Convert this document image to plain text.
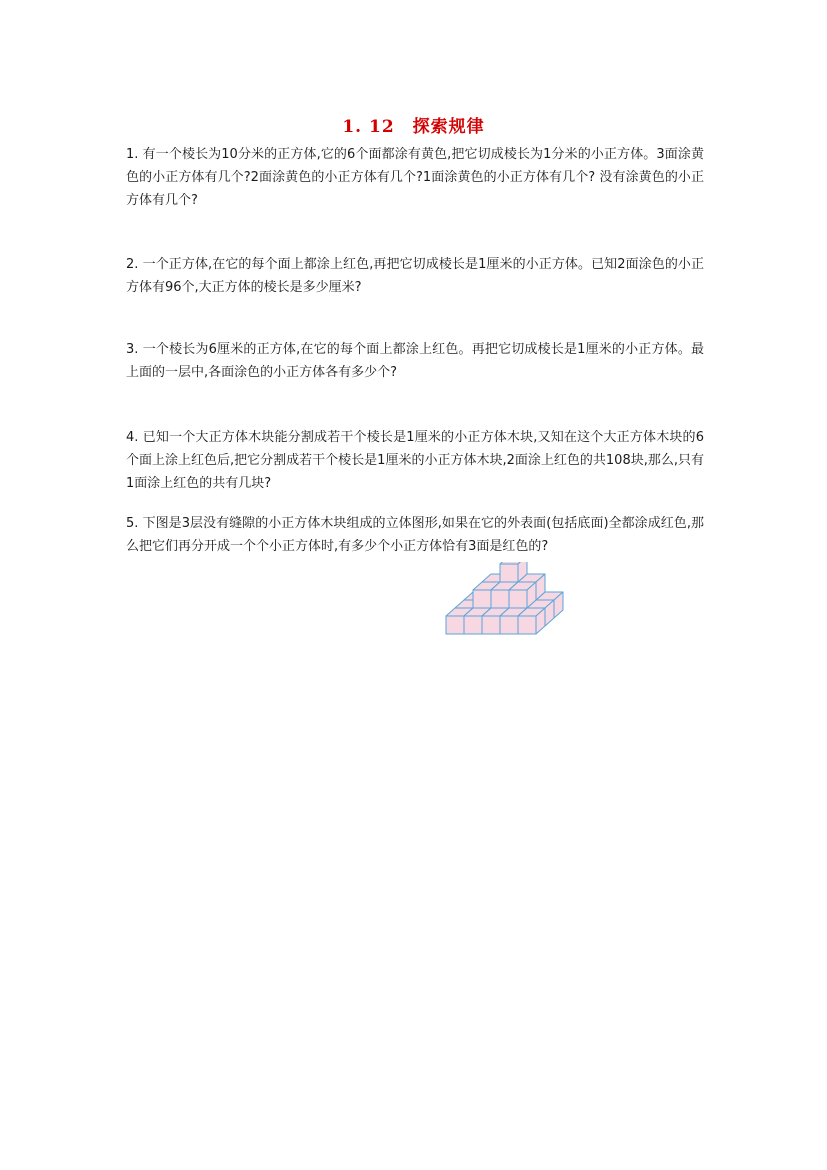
1. 12 探索规律
1. 有一个棱长为10分米的正方体,它的6个面都涂有黄色,把它切成棱长为1分米的小正方体。3面涂黄色的小正方体有几个?2面涂黄色的小正方体有几个?1面涂黄色的小正方体有几个? 没有涂黄色的小正方体有几个?
2. 一个正方体,在它的每个面上都涂上红色,再把它切成棱长是1厘米的小正方体。已知2面涂色的小正方体有96个,大正方体的棱长是多少厘米?
3. 一个棱长为6厘米的正方体,在它的每个面上都涂上红色。再把它切成棱长是1厘米的小正方体。最上面的一层中,各面涂色的小正方体各有多少个?
4. 已知一个大正方体木块能分割成若干个棱长是1厘米的小正方体木块,又知在这个大正方体木块的6个面上涂上红色后,把它分割成若干个棱长是1厘米的小正方体木块,2面涂上红色的共108块,那么,只有1面涂上红色的共有几块?
5. 下图是3层没有缝隙的小正方体木块组成的立体图形,如果在它的外表面(包括底面)全都涂成红色,那么把它们再分开成一个个小正方体时,有多少个小正方体恰有3面是红色的?
